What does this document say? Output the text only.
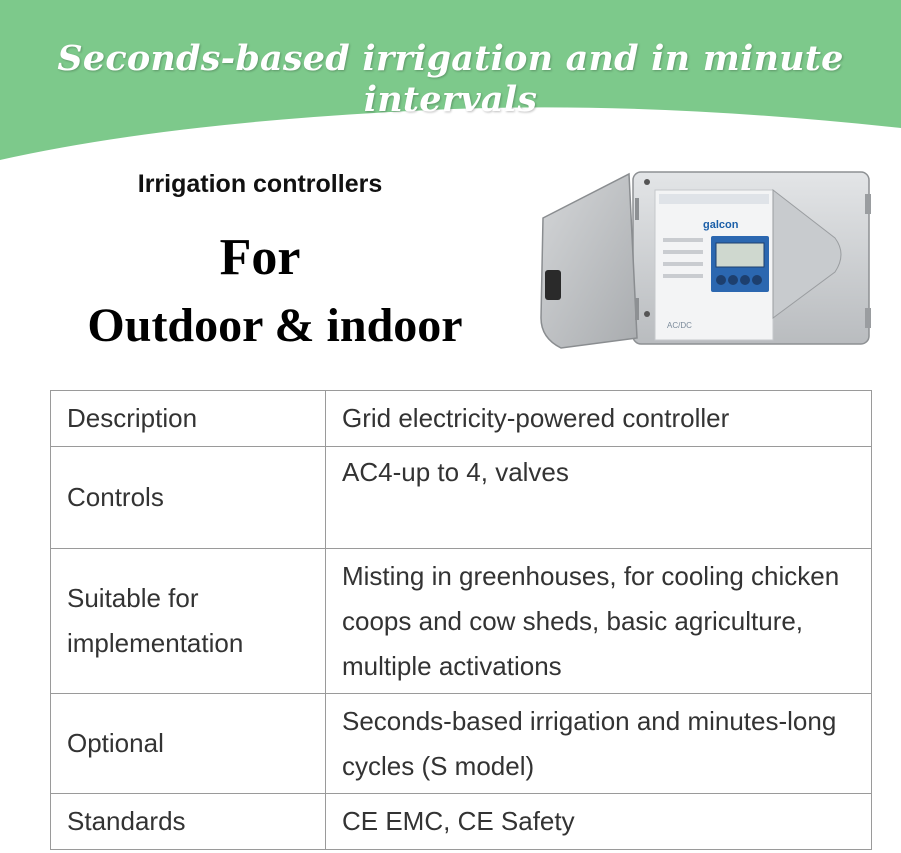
Seconds-based irrigation and in minute intervals
Irrigation controllers
For
Outdoor & indoor
galcon
AC/DC
Description	Grid electricity-powered controller
Controls	AC4-up to 4, valves
Suitable for implementation	Misting in greenhouses, for cooling chicken coops and cow sheds, basic agriculture, multiple activations
Optional	Seconds-based irrigation and minutes-long cycles (S model)
Standards	CE EMC, CE Safety
